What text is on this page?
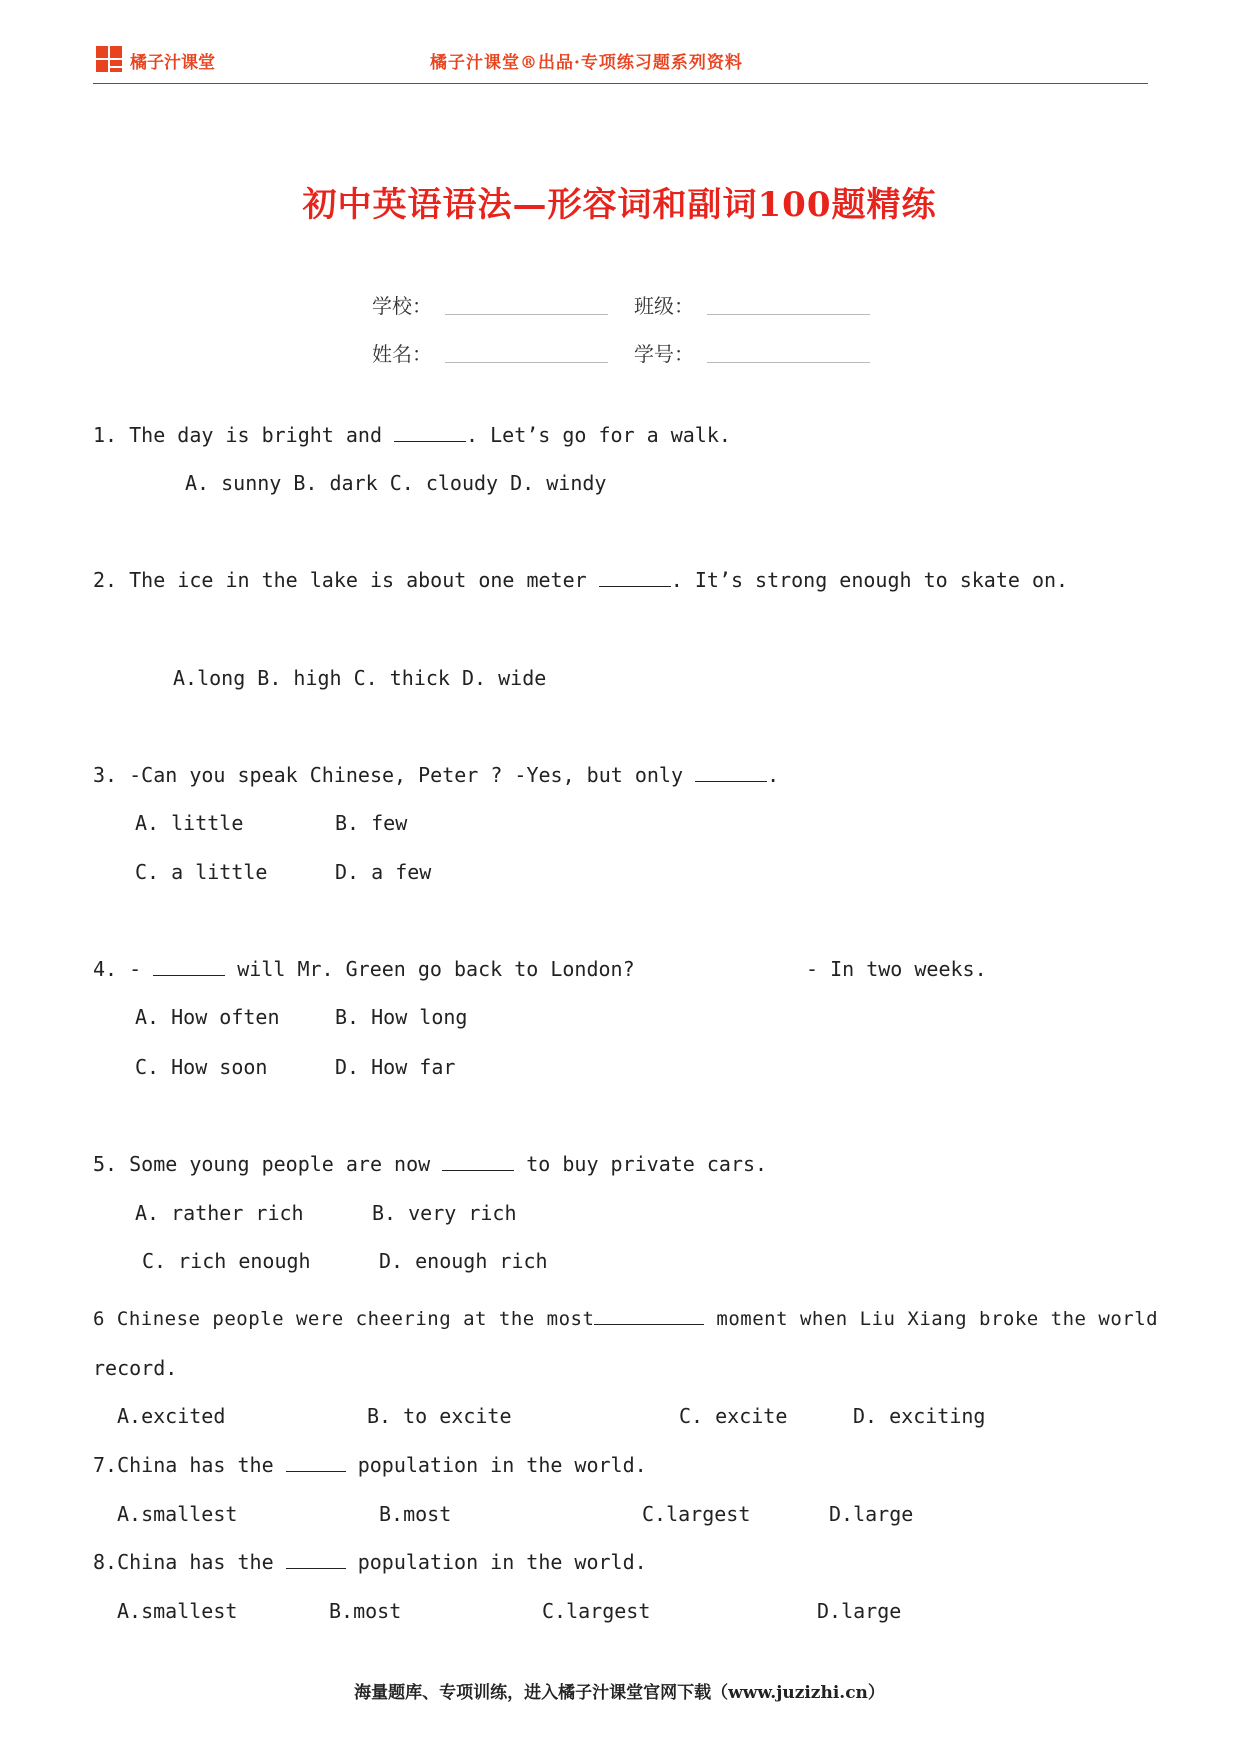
橘子汁课堂	橘子汁课堂®出品·专项练习题系列资料
初中英语语法—形容词和副词100题精练
学校：	班级：
姓名：	学号：
1. The day is bright and	. Let’s go for a walk.
A. sunny B. dark C. cloudy D. windy
2. The ice in the lake is about one meter	. It’s strong enough to skate on.
A.long B. high C. thick D. wide
3. -Can you speak Chinese, Peter ? -Yes, but only	.
A. little	B. few
C. a little	D. a few
4. -	will Mr. Green go back to London?	- In two weeks.
A. How often	B. How long
C. How soon	D. How far
5. Some young people are now	to buy private cars.
A. rather rich	B. very rich
C. rich enough	D. enough rich
6 Chinese people were cheering at the most	moment when Liu Xiang broke the world
record.
A.excited	B. to excite	C. excite	D. exciting
7.China has the	population in the world.
A.smallest	B.most	C.largest	D.large
8.China has the	population in the world.
A.smallest	B.most	C.largest	D.large
海量题库、专项训练，进入橘子汁课堂官网下载（www.juzizhi.cn）
